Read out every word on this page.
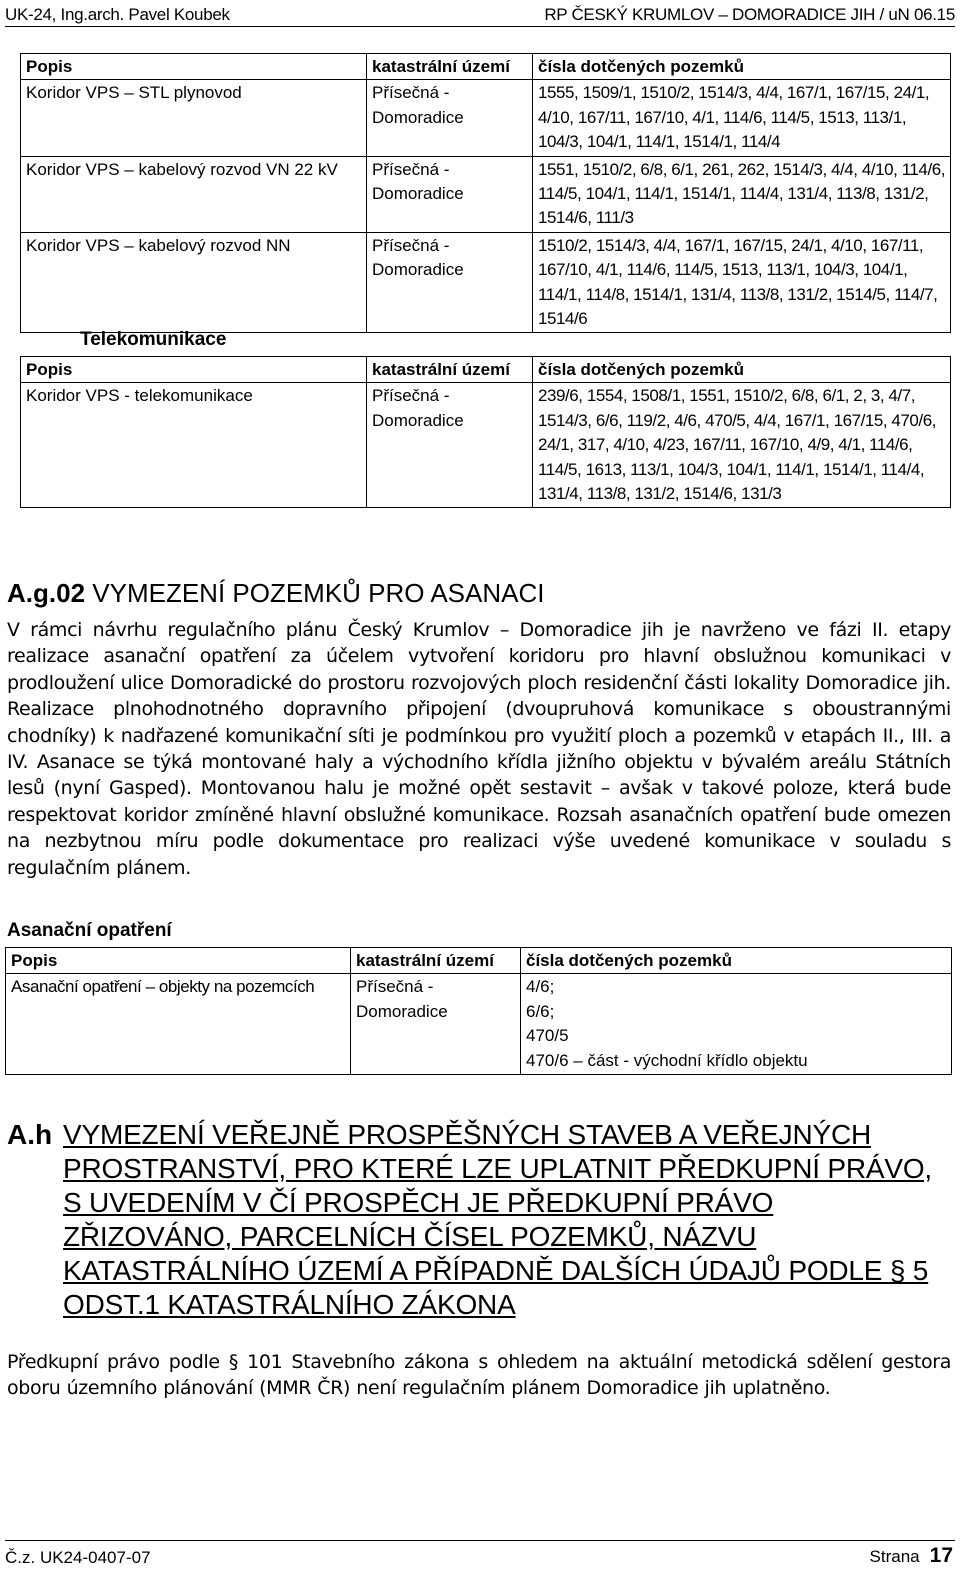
UK-24, Ing.arch. Pavel Koubek	RP ČESKÝ KRUMLOV – DOMORADICE JIH / uN 06.15
Popis	katastrální území	čísla dotčených pozemků
Koridor VPS – STL plynovod	Přísečná - Domoradice	1555, 1509/1, 1510/2, 1514/3, 4/4, 167/1, 167/15, 24/1, 4/10, 167/11, 167/10, 4/1, 114/6, 114/5, 1513, 113/1, 104/3, 104/1, 114/1, 1514/1, 114/4
Koridor VPS – kabelový rozvod VN 22 kV	Přísečná - Domoradice	1551, 1510/2, 6/8, 6/1, 261, 262, 1514/3, 4/4, 4/10, 114/6, 114/5, 104/1, 114/1, 1514/1, 114/4, 131/4, 113/8, 131/2, 1514/6, 111/3
Koridor VPS – kabelový rozvod NN	Přísečná - Domoradice	1510/2, 1514/3, 4/4, 167/1, 167/15, 24/1, 4/10, 167/11, 167/10, 4/1, 114/6, 114/5, 1513, 113/1, 104/3, 104/1, 114/1, 114/8, 1514/1, 131/4, 113/8, 131/2, 1514/5, 114/7, 1514/6
Telekomunikace
Popis	katastrální území	čísla dotčených pozemků
Koridor VPS - telekomunikace	Přísečná - Domoradice	239/6, 1554, 1508/1, 1551, 1510/2, 6/8, 6/1, 2, 3, 4/7, 1514/3, 6/6, 119/2, 4/6, 470/5, 4/4, 167/1, 167/15, 470/6, 24/1, 317, 4/10, 4/23, 167/11, 167/10, 4/9, 4/1, 114/6, 114/5, 1613, 113/1, 104/3, 104/1, 114/1, 1514/1, 114/4, 131/4, 113/8, 131/2, 1514/6, 131/3
A.g.02 VYMEZENÍ POZEMKŮ PRO ASANACI
V rámci návrhu regulačního plánu Český Krumlov – Domoradice jih je navrženo ve fázi II. etapy realizace asanační opatření za účelem vytvoření koridoru pro hlavní obslužnou komunikaci v prodloužení ulice Domoradické do prostoru rozvojových ploch residenční části lokality Domoradice jih. Realizace plnohodnotného dopravního připojení (dvoupruhová komunikace s oboustrannými chodníky) k nadřazené komunikační síti je podmínkou pro využití ploch a pozemků v etapách II., III. a IV. Asanace se týká montované haly a východního křídla jižního objektu v bývalém areálu Státních lesů (nyní Gasped). Montovanou halu je možné opět sestavit – avšak v takové poloze, která bude respektovat koridor zmíněné hlavní obslužné komunikace. Rozsah asanačních opatření bude omezen na nezbytnou míru podle dokumentace pro realizaci výše uvedené komunikace v souladu s regulačním plánem.
Asanační opatření
Popis	katastrální území	čísla dotčených pozemků
Asanační opatření – objekty na pozemcích	Přísečná - Domoradice	4/6;
6/6;
470/5
470/6 – část - východní křídlo objektu
A.h VYMEZENÍ VEŘEJNĚ PROSPĚŠNÝCH STAVEB A VEŘEJNÝCH PROSTRANSTVÍ, PRO KTERÉ LZE UPLATNIT PŘEDKUPNÍ PRÁVO, S UVEDENÍM V ČÍ PROSPĚCH JE PŘEDKUPNÍ PRÁVO ZŘIZOVÁNO, PARCELNÍCH ČÍSEL POZEMKŮ, NÁZVU KATASTRÁLNÍHO ÚZEMÍ A PŘÍPADNĚ DALŠÍCH ÚDAJŮ PODLE § 5 ODST.1 KATASTRÁLNÍHO ZÁKONA
Předkupní právo podle § 101 Stavebního zákona s ohledem na aktuální metodická sdělení gestora oboru územního plánování (MMR ČR) není regulačním plánem Domoradice jih uplatněno.
Č.z. UK24-0407-07	Strana 17
